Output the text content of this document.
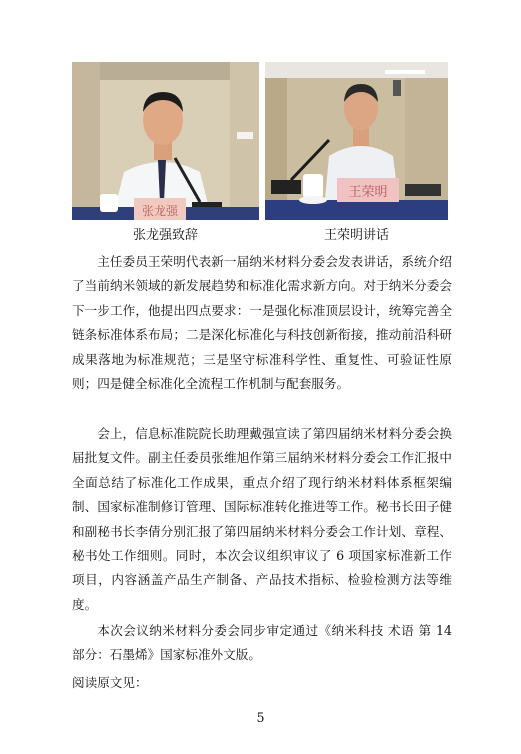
张龙强
王荣明
张龙强致辞	王荣明讲话

主任委员王荣明代表新一届纳米材料分委会发表讲话，系统介绍了当前纳米领域的新发展趋势和标准化需求新方向。对于纳米分委会下一步工作，他提出四点要求：一是强化标准顶层设计，统筹完善全链条标准体系布局；二是深化标准化与科技创新衔接，推动前沿科研成果落地为标准规范；三是坚守标准科学性、重复性、可验证性原则；四是健全标准化全流程工作机制与配套服务。

会上，信息标准院院长助理戴强宣读了第四届纳米材料分委会换届批复文件。副主任委员张维旭作第三届纳米材料分委会工作汇报中全面总结了标准化工作成果，重点介绍了现行纳米材料体系框架编制、国家标准制修订管理、国际标准转化推进等工作。秘书长田子健和副秘书长李倩分别汇报了第四届纳米材料分委会工作计划、章程、秘书处工作细则。同时，本次会议组织审议了 6 项国家标准新工作项目，内容涵盖产品生产制备、产品技术指标、检验检测方法等维度。

本次会议纳米材料分委会同步审定通过《纳米科技 术语 第 14 部分：石墨烯》国家标准外文版。

阅读原文见：
5
